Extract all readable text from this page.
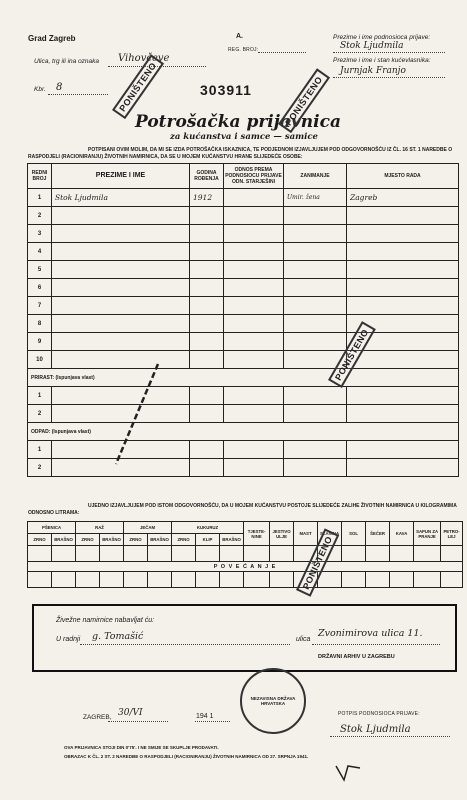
Grad Zagreb	A.
REG. BROJ:
Ulica, trg ili ina oznaka Vihovčeve
Kbr. 8	303911
Prezime i ime podnosioca prijave:
Stok Ljudmila
Prezime i ime i stan kućevlasnika:
Jurnjak Franjo
Potrošačka prijavnica
za kućanstva i samce — samice
POTPISANI OVIM MOLIM, DA MI SE IZDA POTROŠAČKA ISKAZNICA, TE PODJEDNOM IZJAVLJUJEM POD ODGOVORNOŠĆU IZ ČL. 16 ST. 1 NAREDBE O RASPODJELI (RACIONIRANJU) ŽIVOTNIH NAMIRNICA, DA SE U MOJEM KUĆANSTVU HRANE SLIJEDEĆE OSOBE:
REDNI BROJ	PREZIME I IME	GODINA ROĐENJA	ODNOS PREMA PODNOSIOCU PRIJAVE ODN. STARJEŠINI	ZANIMANJE	MJESTO RADA
1	Stok Ljudmila	1912		Umir. žena	Zagreb
2					
3					
4					
5					
6					
7					
8					
9					
10					
PRIRAST: (Ispunjava vlast)					
1					
2					
ODPAD: (Ispunjava vlast)					
1					
2					
UJEDNO IZJAVLJUJEM POD ISTOM ODGOVORNOŠĆU, DA U MOJEM KUĆANSTVU POSTOJE SLIJEDEĆE ZALIHE ŽIVOTNIH NAMIRNICA U KILOGRAMIMA ODNOSNO LITRAMA:
PŠENICA		RAŽ		JEČAM		KUKURUZ			TJESTE-NINE	JESTIVO ULJE	MAST	SLANINA	SOL	ŠEĆER	KAVA	SAPUN ZA PRANJE	PETRO-LEJ
ZRNO	BRAŠNO	ZRNO	BRAŠNO	ZRNO	BRAŠNO	ZRNO	KLIP	BRAŠNO									

P O V E Ć A N J E																	

Živežne namirnice nabavljat ću:
U radnji g. Tomašić	ulica
Zvonimirova ulica 11.
DRŽAVNI ARHIV U ZAGREBU
ZAGREB, 30/VI	194 1	POTPIS PODNOSIOCA PRIJAVE:
Stok Ljudmila
OVA PRIJAVNICA STOJI DIN 0'75'. I NE SMIJE SE SKUPLJE PRODAVATI.
OBRAZAC K ČL. 2 ST. 2 NAREDBE O RASPODJELI (RACIONIRANJU) ŽIVOTNIH NAMIRNICA OD 27. SRPNJA 1941.
PONIŠTENO	PONIŠTENO
PONIŠTENO
PONIŠTENO
NEZAVISNA DRŽAVA HRVATSKA
